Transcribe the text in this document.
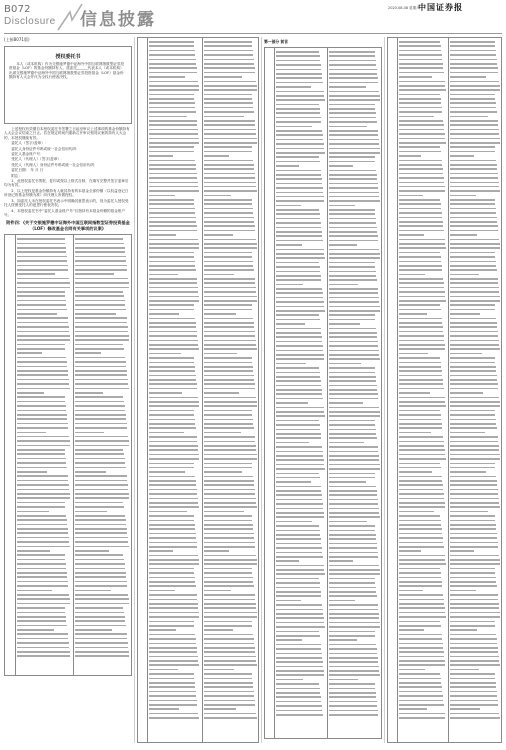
B072
Disclosure 信息披露
2020.08.08 星期六
中国证券报
(上接B071版)
授权委托书

本人（或本机构）作为交银施罗德中证海外中国互联网指数型证券投资基金（LOF）的基金份额持有人，兹委托______代表本人（或本机构）出席交银施罗德中证海外中国互联网指数型证券投资基金（LOF）基金份额持有人大会并代为全权行使表决权。

上述授权有效期自本授权委托书签署之日起至审议上述事项的基金份额持有人大会会议结束之日止。若在规定时间内重新召开审议相同议案的持有人大会的，本授权继续有效。

委托人（签字/盖章）：

委托人身份证件号码或统一社会信用代码：

委托人基金账户号：

受托人（代理人）（签字/盖章）：

受托人（代理人）身份证件号码或统一社会信用代码：

委托日期： 年 月 日

附注：

1、此授权委托书剪报、复印或按以上格式自制，在填写完整并签字盖章后均为有效。

2、以上授权是基金份额持有人就其持有的本基金全部份额（以权益登记日所登记的基金份额为准）向代理人所做授权。

3、如委托人未在授权委托书表示中明确其意思表示的，视为委托人授权受托人按照受托人的意思行使表决权。

4、本授权委托书中“委托人基金账户号”仅指持有本基金份额的基金账户号。

附件四：《关于交银施罗德中证海外中国互联网指数型证券投资基金（LOF）修改基金合同有关事项的议案》
第一部分 前言
